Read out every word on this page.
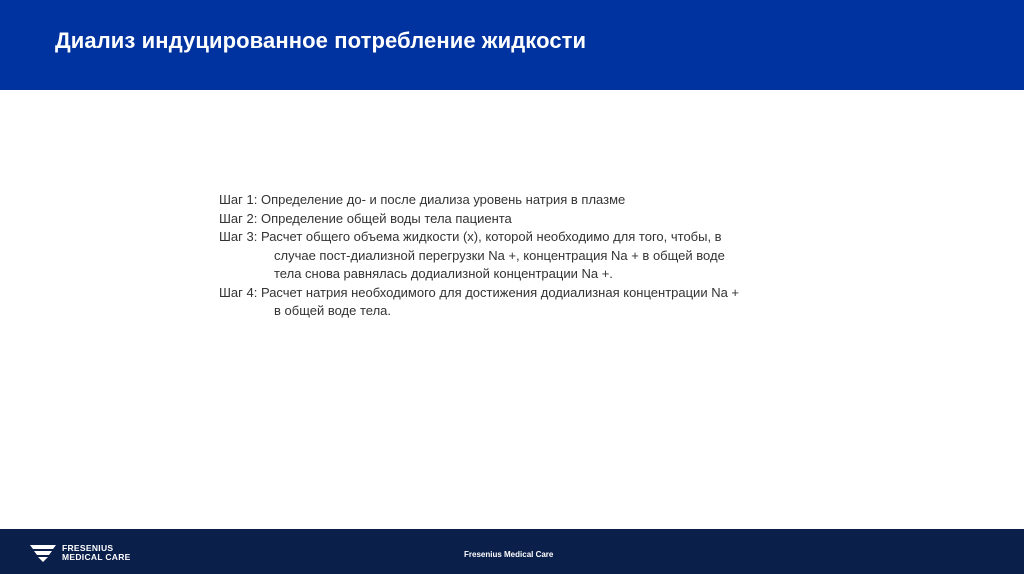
Диализ индуцированное потребление жидкости
Шаг 1: Определение до- и после диализа уровень натрия в плазме
Шаг 2: Определение общей воды тела пациента
Шаг 3: Расчет общего объема жидкости (x), которой необходимо для того, чтобы, в
случае пост-диализной перегрузки Na +, концентрация Na + в общей воде
тела снова равнялась додиализной концентрации Na +.
Шаг 4: Расчет натрия необходимого для достижения додиализная концентрации Na +
в общей воде тела.
FRESENIUS
MEDICAL CARE	Fresenius Medical Care
